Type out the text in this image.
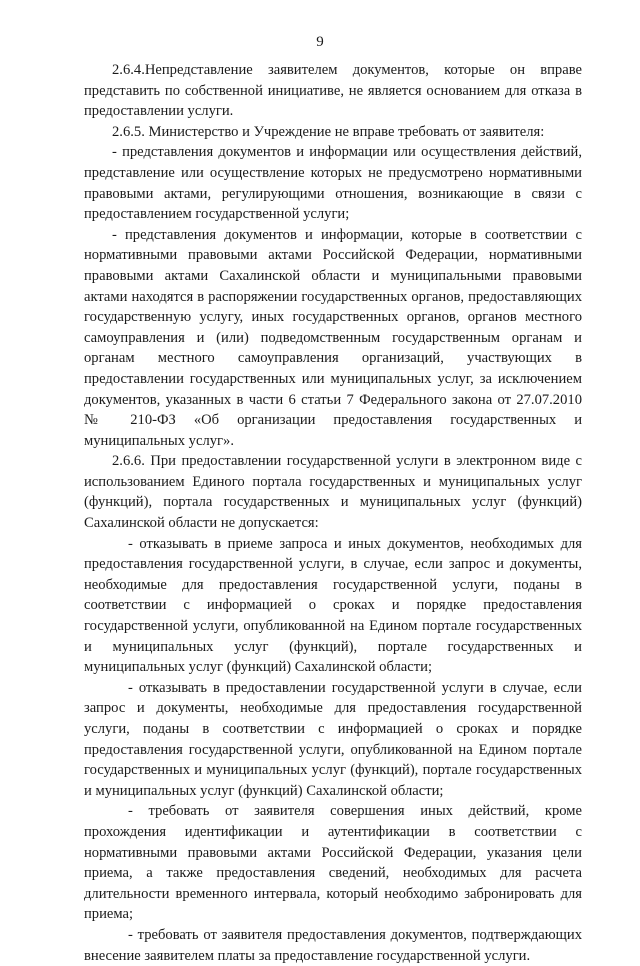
9

2.6.4.Непредставление заявителем документов, которые он вправе представить по собственной инициативе, не является основанием для отказа в предоставлении услуги.

2.6.5. Министерство и Учреждение не вправе требовать от заявителя:

- представления документов и информации или осуществления действий, представление или осуществление которых не предусмотрено нормативными правовыми актами, регулирующими отношения, возникающие в связи с предоставлением государственной услуги;

- представления документов и информации, которые в соответствии с нормативными правовыми актами Российской Федерации, нормативными правовыми актами Сахалинской области и муниципальными правовыми актами находятся в распоряжении государственных органов, предоставляющих государственную услугу, иных государственных органов, органов местного самоуправления и (или) подведомственным государственным органам и органам местного самоуправления организаций, участвующих в предоставлении государственных или муниципальных услуг, за исключением документов, указанных в части 6 статьи 7 Федерального закона от 27.07.2010 № 210-ФЗ «Об организации предоставления государственных и муниципальных услуг».

2.6.6. При предоставлении государственной услуги в электронном виде с использованием Единого портала государственных и муниципальных услуг (функций), портала государственных и муниципальных услуг (функций) Сахалинской области не допускается:

- отказывать в приеме запроса и иных документов, необходимых для предоставления государственной услуги, в случае, если запрос и документы, необходимые для предоставления государственной услуги, поданы в соответствии с информацией о сроках и порядке предоставления государственной услуги, опубликованной на Едином портале государственных и муниципальных услуг (функций), портале государственных и муниципальных услуг (функций) Сахалинской области;

- отказывать в предоставлении государственной услуги в случае, если запрос и документы, необходимые для предоставления государственной услуги, поданы в соответствии с информацией о сроках и порядке предоставления государственной услуги, опубликованной на Едином портале государственных и муниципальных услуг (функций), портале государственных и муниципальных услуг (функций) Сахалинской области;

- требовать от заявителя совершения иных действий, кроме прохождения идентификации и аутентификации в соответствии с нормативными правовыми актами Российской Федерации, указания цели приема, а также предоставления сведений, необходимых для расчета длительности временного интервала, который необходимо забронировать для приема;

- требовать от заявителя предоставления документов, подтверждающих внесение заявителем платы за предоставление государственной услуги.
